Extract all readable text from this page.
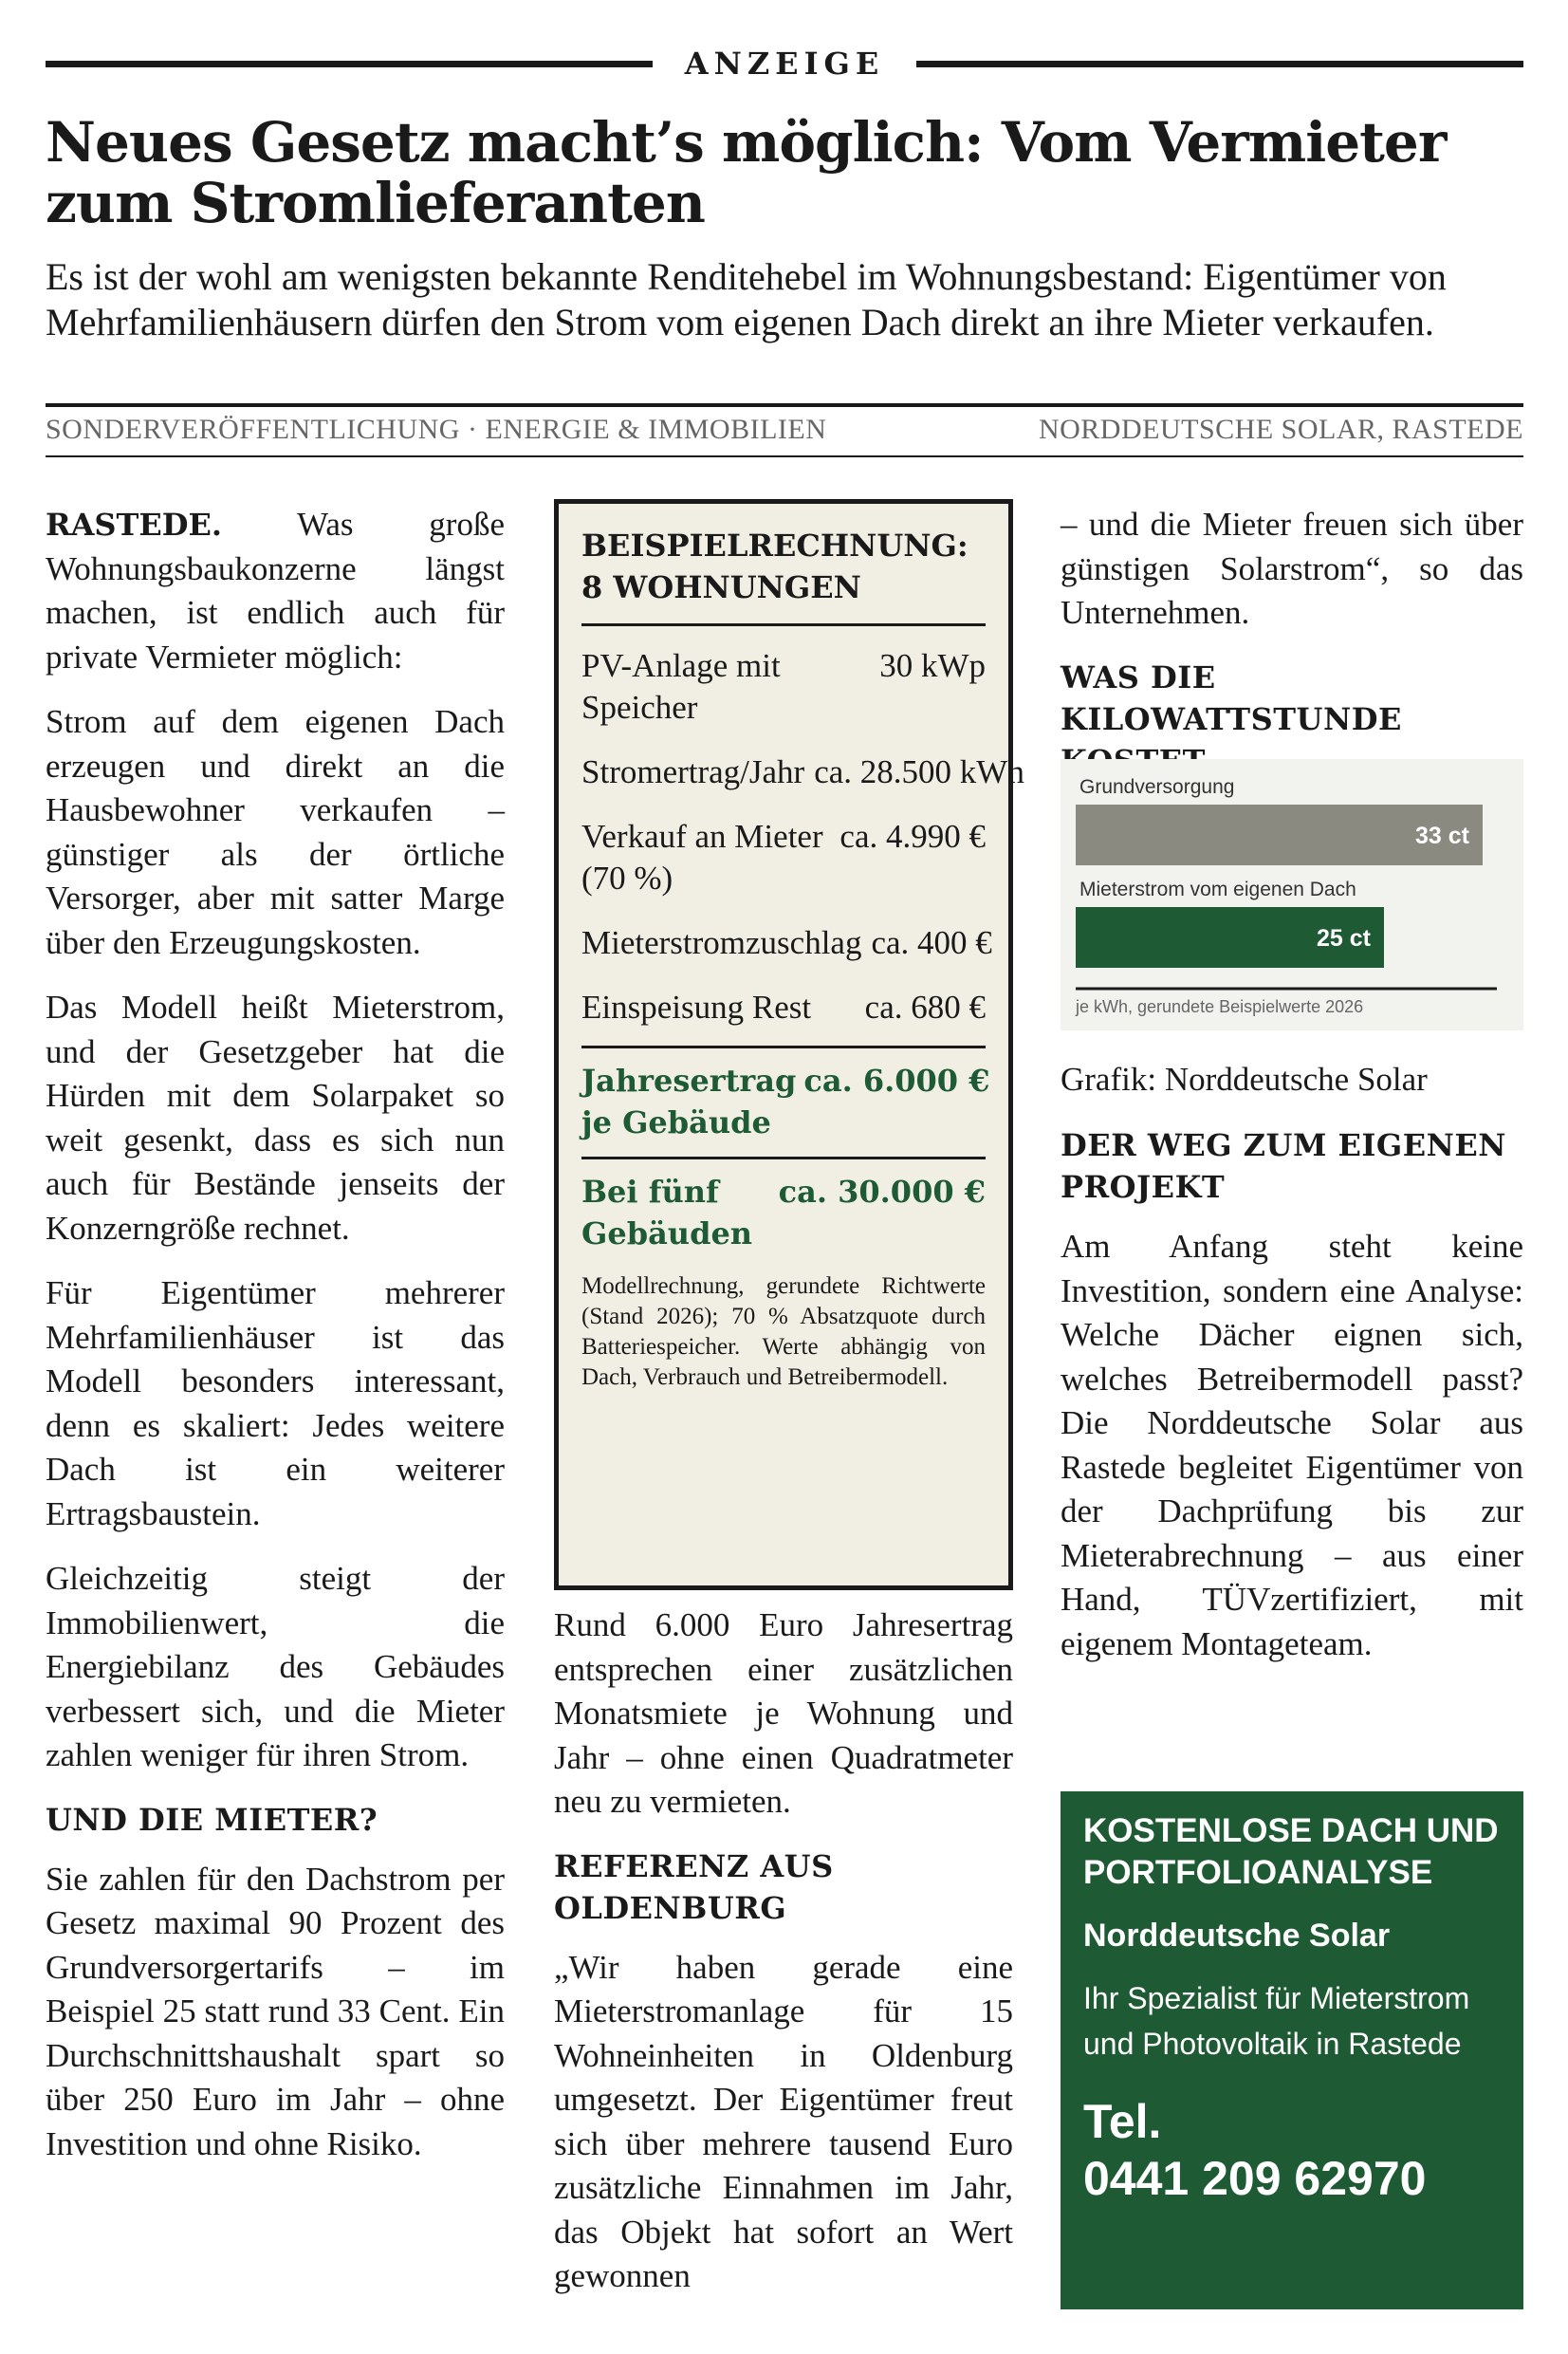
ANZEIGE
Neues Gesetz macht’s möglich: Vom Vermieter zum Stromlieferanten
Es ist der wohl am wenigsten bekannte Renditehebel im Wohnungsbestand: Eigentümer von Mehrfamilienhäusern dürfen den Strom vom eigenen Dach direkt an ihre Mieter verkaufen.
SONDERVERÖFFENTLICHUNG · ENERGIE & IMMOBILIEN	NORDDEUTSCHE SOLAR, RASTEDE

RASTEDE. Was große Wohnungsbaukonzerne längst machen, ist endlich auch für private Vermieter möglich:

Strom auf dem eigenen Dach erzeugen und direkt an die Hausbewohner verkaufen – günstiger als der örtliche Versorger, aber mit satter Marge über den Erzeugungskosten.

Das Modell heißt Mieterstrom, und der Gesetzgeber hat die Hürden mit dem Solarpaket so weit gesenkt, dass es sich nun auch für Bestände jenseits der Konzerngröße rechnet.

Für Eigentümer mehrerer Mehrfamilienhäuser ist das Modell besonders interessant, denn es skaliert: Jedes weitere Dach ist ein weiterer Ertragsbaustein.

Gleichzeitig steigt der Immobilienwert, die Energiebilanz des Gebäudes verbessert sich, und die Mieter zahlen weniger für ihren Strom.

UND DIE MIETER?

Sie zahlen für den Dachstrom per Gesetz maximal 90 Prozent des Grundversorgertarifs – im Beispiel 25 statt rund 33 Cent. Ein Durchschnittshaushalt spart so über 250 Euro im Jahr – ohne Investition und ohne Risiko.

BEISPIELRECHNUNG: 8 WOHNUNGEN
PV-Anlage mit Speicher
30 kWp
Stromertrag/Jahr ca. 28.500 kWh
Verkauf an Mieter (70 %)
ca. 4.990 €
Mieterstromzuschlag ca. 400 €
Einspeisung Rest	ca. 680 €
Jahresertrag je Gebäude
ca. 6.000 €
Bei fünf Gebäuden
ca. 30.000 €
Modellrechnung, gerundete Richtwerte (Stand 2026); 70 % Absatzquote durch Batteriespeicher. Werte abhängig von Dach, Verbrauch und Betreibermodell.

Rund 6.000 Euro Jahresertrag entsprechen einer zusätzlichen Monatsmiete je Wohnung und Jahr – ohne einen Quadratmeter neu zu vermieten.

REFERENZ AUS OLDENBURG

„Wir haben gerade eine Mieterstromanlage für 15 Wohneinheiten in Oldenburg umgesetzt. Der Eigentümer freut sich über mehrere tausend Euro zusätzliche Einnahmen im Jahr, das Objekt hat sofort an Wert gewonnen

– und die Mieter freuen sich über günstigen Solarstrom“, so das Unternehmen.

WAS DIE KILOWATTSTUNDE
Grundversorgung
33 ct
Mieterstrom vom eigenen Dach
25 ct
je kWh, gerundete Beispielwerte 2026
Grafik: Norddeutsche Solar
DER WEG ZUM EIGENEN PROJEKT

Am Anfang steht keine Investition, sondern eine Analyse: Welche Dächer eignen sich, welches Betreibermodell passt? Die Norddeutsche Solar aus Rastede begleitet Eigentümer von der Dachprüfung bis zur Mieterabrechnung – aus einer Hand, TÜVzertifiziert, mit eigenem Montageteam.

KOSTENLOSE DACH UND PORTFOLIOANALYSE
Norddeutsche Solar
Ihr Spezialist für Mieterstrom und Photovoltaik in Rastede
Tel.
0441 209 62970
